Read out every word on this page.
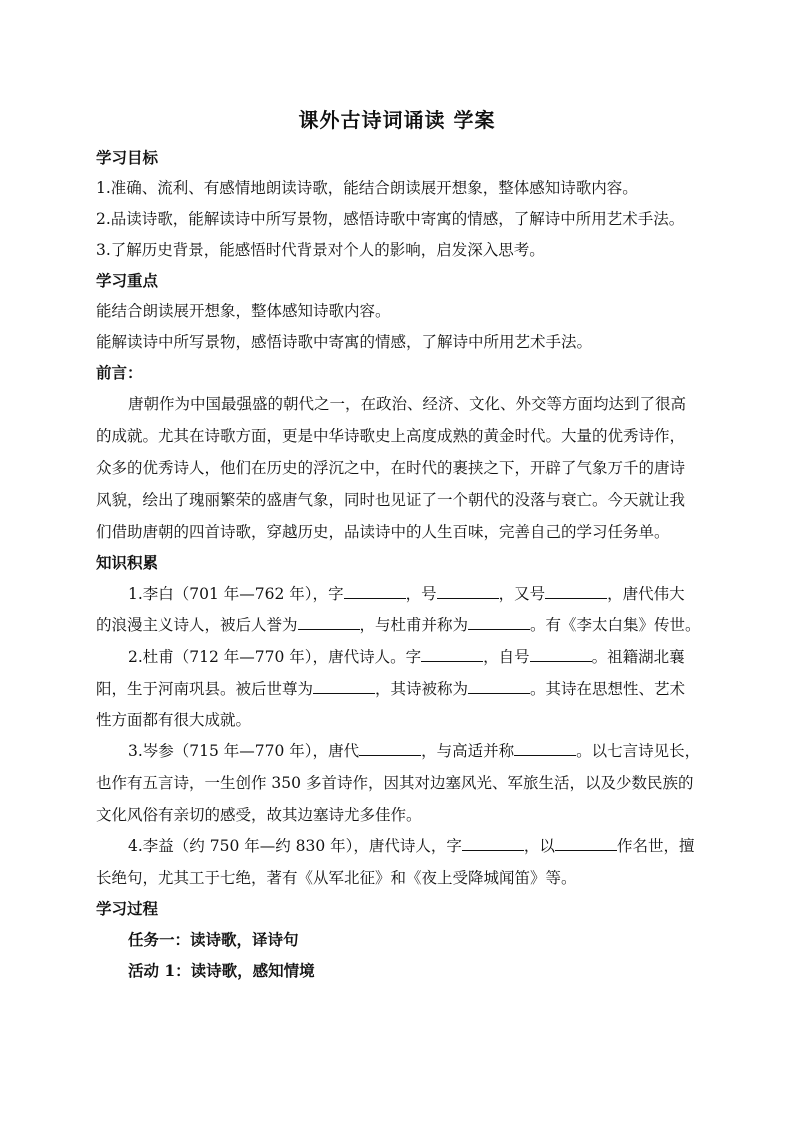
课外古诗词诵读 学案
学习目标
1.准确、流利、有感情地朗读诗歌，能结合朗读展开想象，整体感知诗歌内容。
2.品读诗歌，能解读诗中所写景物，感悟诗歌中寄寓的情感，了解诗中所用艺术手法。
3.了解历史背景，能感悟时代背景对个人的影响，启发深入思考。
学习重点
能结合朗读展开想象，整体感知诗歌内容。
能解读诗中所写景物，感悟诗歌中寄寓的情感，了解诗中所用艺术手法。
前言：
唐朝作为中国最强盛的朝代之一，在政治、经济、文化、外交等方面均达到了很高
的成就。尤其在诗歌方面，更是中华诗歌史上高度成熟的黄金时代。大量的优秀诗作，
众多的优秀诗人，他们在历史的浮沉之中，在时代的裹挟之下，开辟了气象万千的唐诗
风貌，绘出了瑰丽繁荣的盛唐气象，同时也见证了一个朝代的没落与衰亡。今天就让我
们借助唐朝的四首诗歌，穿越历史，品读诗中的人生百味，完善自己的学习任务单。
知识积累
1.李白（701 年—762 年），字	，号	，又号	，唐代伟大
的浪漫主义诗人，被后人誉为	，与杜甫并称为	。有《李太白集》传世。
2.杜甫（712 年—770 年），唐代诗人。字	，自号	。祖籍湖北襄
阳，生于河南巩县。被后世尊为	，其诗被称为	。其诗在思想性、艺术
性方面都有很大成就。
3.岑参（715 年—770 年），唐代	，与高适并称	。以七言诗见长，
也作有五言诗，一生创作 350 多首诗作，因其对边塞风光、军旅生活，以及少数民族的
文化风俗有亲切的感受，故其边塞诗尤多佳作。
4.李益（约 750 年—约 830 年），唐代诗人，字	，以	作名世，擅
长绝句，尤其工于七绝，著有《从军北征》和《夜上受降城闻笛》等。
学习过程
任务一：读诗歌，译诗句
活动 1：读诗歌，感知情境
